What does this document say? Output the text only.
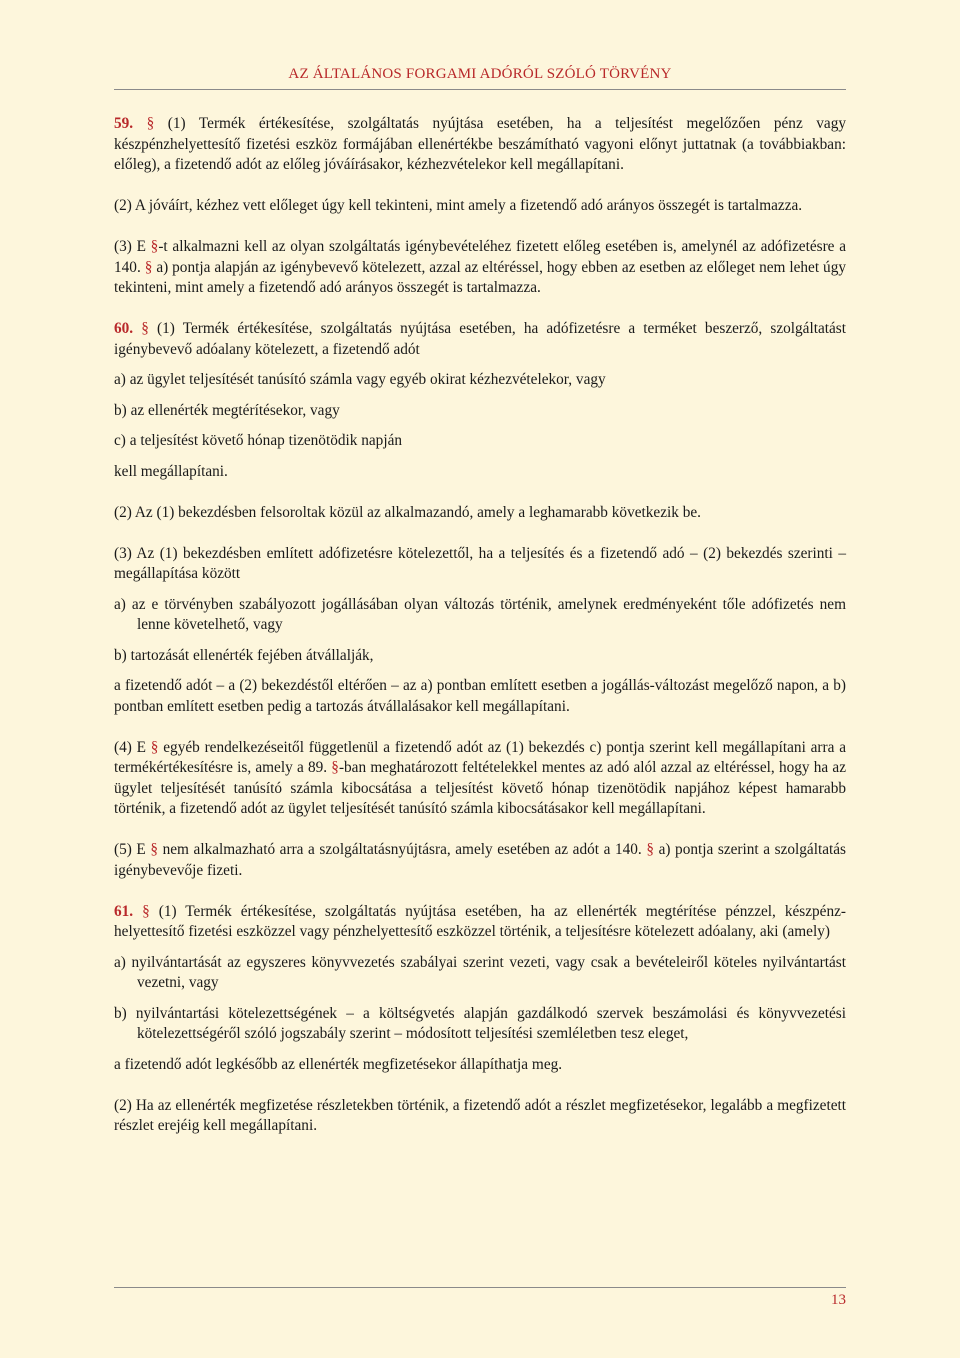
AZ ÁLTALÁNOS FORGAMI ADÓRÓL SZÓLÓ TÖRVÉNY

59. § (1) Termék értékesítése, szolgáltatás nyújtása esetében, ha a teljesítést megelőzően pénz vagy készpénzhelyettesítő fizetési eszköz formájában ellenértékbe beszámítható vagyoni előnyt juttatnak (a továbbiakban: előleg), a fizetendő adót az előleg jóváírásakor, kézhezvételekor kell megállapítani.

(2) A jóváírt, kézhez vett előleget úgy kell tekinteni, mint amely a fizetendő adó arányos összegét is tartalmazza.

(3) E §-t alkalmazni kell az olyan szolgáltatás igénybevételéhez fizetett előleg esetében is, amelynél az adófizetésre a 140. § a) pontja alapján az igénybevevő kötelezett, azzal az eltéréssel, hogy ebben az esetben az előleget nem lehet úgy tekinteni, mint amely a fizetendő adó arányos összegét is tartalmazza.

60. § (1) Termék értékesítése, szolgáltatás nyújtása esetében, ha adófizetésre a terméket beszerző, szolgáltatást igénybevevő adóalany kötelezett, a fizetendő adót

a) az ügylet teljesítését tanúsító számla vagy egyéb okirat kézhezvételekor, vagy

b) az ellenérték megtérítésekor, vagy

c) a teljesítést követő hónap tizenötödik napján

kell megállapítani.

(2) Az (1) bekezdésben felsoroltak közül az alkalmazandó, amely a leghamarabb következik be.

(3) Az (1) bekezdésben említett adófizetésre kötelezettől, ha a teljesítés és a fizetendő adó – (2) bekezdés szerinti – megállapítása között

a) az e törvényben szabályozott jogállásában olyan változás történik, amelynek eredményeként tőle adófizetés nem lenne követelhető, vagy

b) tartozását ellenérték fejében átvállalják,

a fizetendő adót – a (2) bekezdéstől eltérően – az a) pontban említett esetben a jogállás-változást megelőző napon, a b) pontban említett esetben pedig a tartozás átvállalásakor kell megállapítani.

(4) E § egyéb rendelkezéseitől függetlenül a fizetendő adót az (1) bekezdés c) pontja szerint kell megállapítani arra a termékértékesítésre is, amely a 89. §-ban meghatározott feltételekkel mentes az adó alól azzal az eltéréssel, hogy ha az ügylet teljesítését tanúsító számla kibocsátása a teljesítést követő hónap tizenötödik napjához képest hamarabb történik, a fizetendő adót az ügylet teljesítését tanúsító számla kibocsátásakor kell megállapítani.

(5) E § nem alkalmazható arra a szolgáltatásnyújtásra, amely esetében az adót a 140. § a) pontja szerint a szolgáltatás igénybevevője fizeti.

61. § (1) Termék értékesítése, szolgáltatás nyújtása esetében, ha az ellenérték megtérítése pénzzel, készpénz-helyettesítő fizetési eszközzel vagy pénzhelyettesítő eszközzel történik, a teljesítésre kötelezett adóalany, aki (amely)

a) nyilvántartását az egyszeres könyvvezetés szabályai szerint vezeti, vagy csak a bevételeiről köteles nyilvántartást vezetni, vagy

b) nyilvántartási kötelezettségének – a költségvetés alapján gazdálkodó szervek beszámolási és könyvvezetési kötelezettségéről szóló jogszabály szerint – módosított teljesítési szemléletben tesz eleget,

a fizetendő adót legkésőbb az ellenérték megfizetésekor állapíthatja meg.

(2) Ha az ellenérték megfizetése részletekben történik, a fizetendő adót a részlet megfizetésekor, legalább a megfizetett részlet erejéig kell megállapítani.

13
